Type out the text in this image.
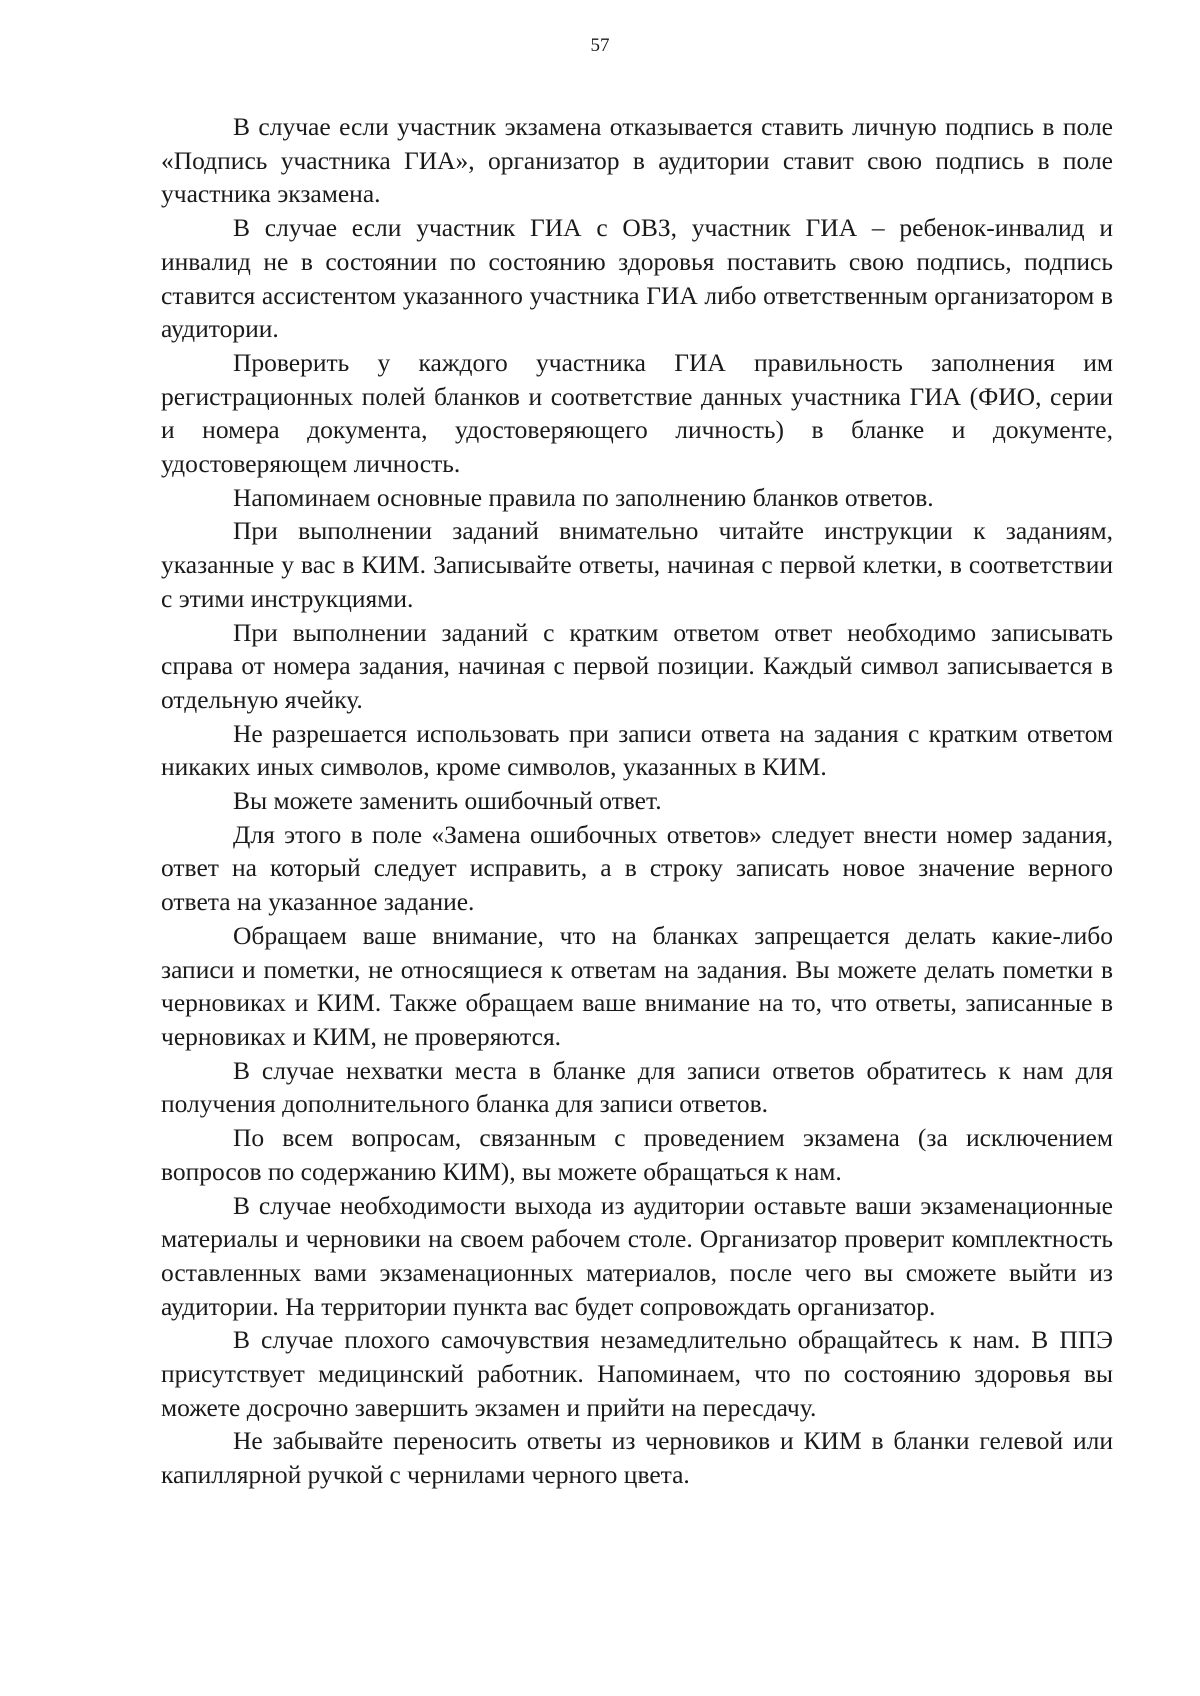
57

В случае если участник экзамена отказывается ставить личную подпись в поле «Подпись участника ГИА», организатор в аудитории ставит свою подпись в поле участника экзамена.

В случае если участник ГИА с ОВЗ, участник ГИА – ребенок-инвалид и инвалид не в состоянии по состоянию здоровья поставить свою подпись, подпись ставится ассистентом указанного участника ГИА либо ответственным организатором в аудитории.

Проверить у каждого участника ГИА правильность заполнения им регистрационных полей бланков и соответствие данных участника ГИА (ФИО, серии и номера документа, удостоверяющего личность) в бланке и документе, удостоверяющем личность.

Напоминаем основные правила по заполнению бланков ответов.

При выполнении заданий внимательно читайте инструкции к заданиям, указанные у вас в КИМ. Записывайте ответы, начиная с первой клетки, в соответствии с этими инструкциями.

При выполнении заданий с кратким ответом ответ необходимо записывать справа от номера задания, начиная с первой позиции. Каждый символ записывается в отдельную ячейку.

Не разрешается использовать при записи ответа на задания с кратким ответом никаких иных символов, кроме символов, указанных в КИМ.

Вы можете заменить ошибочный ответ.

Для этого в поле «Замена ошибочных ответов» следует внести номер задания, ответ на который следует исправить, а в строку записать новое значение верного ответа на указанное задание.

Обращаем ваше внимание, что на бланках запрещается делать какие-либо записи и пометки, не относящиеся к ответам на задания. Вы можете делать пометки в черновиках и КИМ. Также обращаем ваше внимание на то, что ответы, записанные в черновиках и КИМ, не проверяются.

В случае нехватки места в бланке для записи ответов обратитесь к нам для получения дополнительного бланка для записи ответов.

По всем вопросам, связанным с проведением экзамена (за исключением вопросов по содержанию КИМ), вы можете обращаться к нам.

В случае необходимости выхода из аудитории оставьте ваши экзаменационные материалы и черновики на своем рабочем столе. Организатор проверит комплектность оставленных вами экзаменационных материалов, после чего вы сможете выйти из аудитории. На территории пункта вас будет сопровождать организатор.

В случае плохого самочувствия незамедлительно обращайтесь к нам. В ППЭ присутствует медицинский работник. Напоминаем, что по состоянию здоровья вы можете досрочно завершить экзамен и прийти на пересдачу.

Не забывайте переносить ответы из черновиков и КИМ в бланки гелевой или капиллярной ручкой с чернилами черного цвета.
